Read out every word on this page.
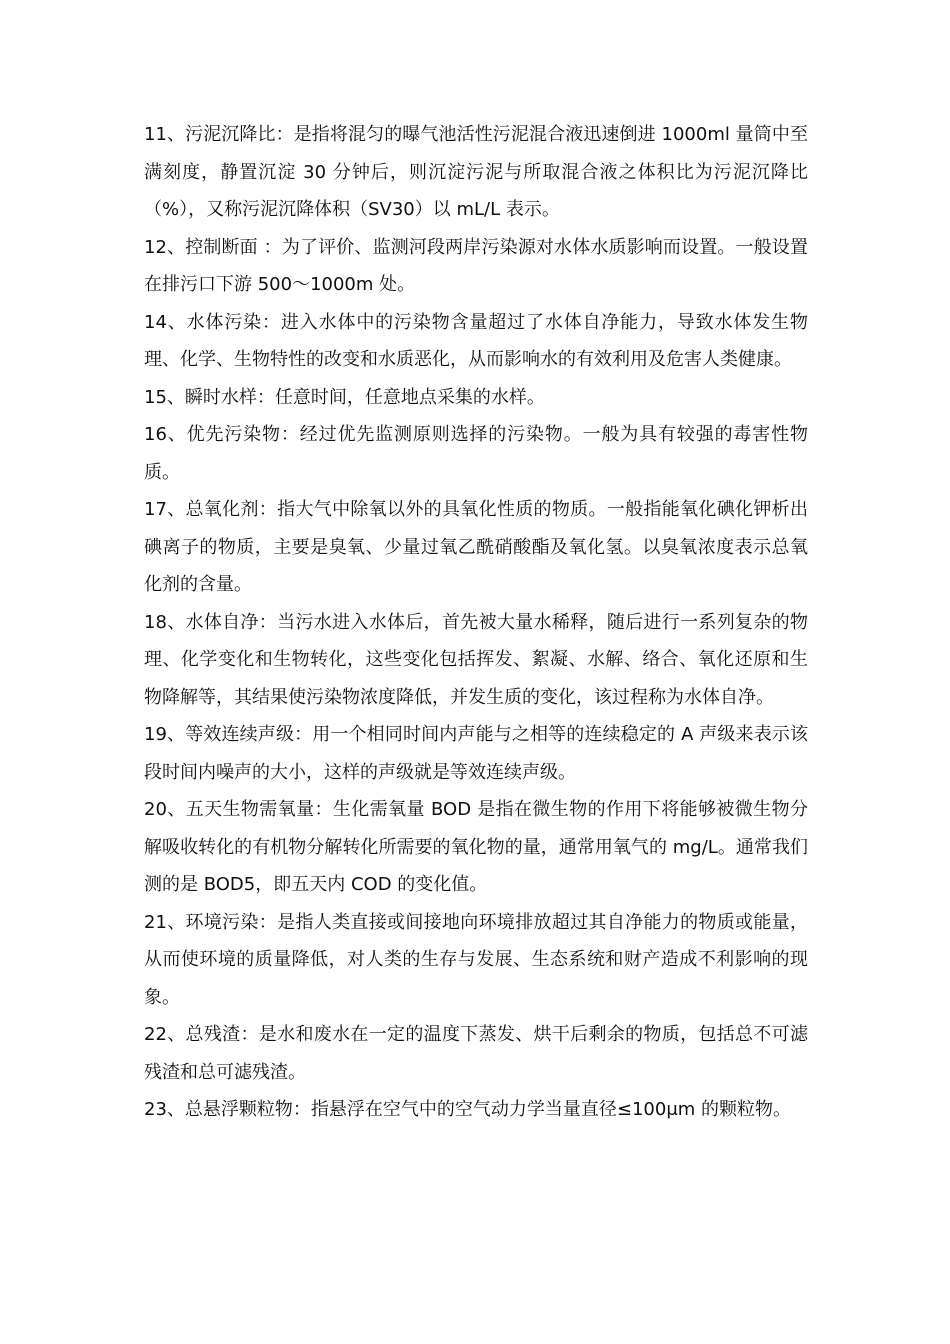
11、污泥沉降比：是指将混匀的曝气池活性污泥混合液迅速倒进 1000ml 量筒中至满刻度，静置沉淀 30 分钟后，则沉淀污泥与所取混合液之体积比为污泥沉降比（%），又称污泥沉降体积（SV30）以 mL/L 表示。

12、控制断面 ：为了评价、监测河段两岸污染源对水体水质影响而设置。一般设置在排污口下游 500～1000m 处。

14、水体污染：进入水体中的污染物含量超过了水体自净能力，导致水体发生物理、化学、生物特性的改变和水质恶化，从而影响水的有效利用及危害人类健康。

15、瞬时水样：任意时间，任意地点采集的水样。

16、优先污染物：经过优先监测原则选择的污染物。一般为具有较强的毒害性物质。

17、总氧化剂：指大气中除氧以外的具氧化性质的物质。一般指能氧化碘化钾析出碘离子的物质，主要是臭氧、少量过氧乙酰硝酸酯及氧化氢。以臭氧浓度表示总氧化剂的含量。

18、水体自净：当污水进入水体后，首先被大量水稀释，随后进行一系列复杂的物理、化学变化和生物转化，这些变化包括挥发、絮凝、水解、络合、氧化还原和生物降解等，其结果使污染物浓度降低，并发生质的变化，该过程称为水体自净。

19、等效连续声级：用一个相同时间内声能与之相等的连续稳定的 A 声级来表示该段时间内噪声的大小，这样的声级就是等效连续声级。

20、五天生物需氧量：生化需氧量 BOD 是指在微生物的作用下将能够被微生物分解吸收转化的有机物分解转化所需要的氧化物的量，通常用氧气的 mg/L。通常我们测的是 BOD5，即五天内 COD 的变化值。

21、环境污染：是指人类直接或间接地向环境排放超过其自净能力的物质或能量，从而使环境的质量降低，对人类的生存与发展、生态系统和财产造成不利影响的现象。

22、总残渣：是水和废水在一定的温度下蒸发、烘干后剩余的物质，包括总不可滤残渣和总可滤残渣。

23、总悬浮颗粒物：指悬浮在空气中的空气动力学当量直径≤100μm 的颗粒物。
